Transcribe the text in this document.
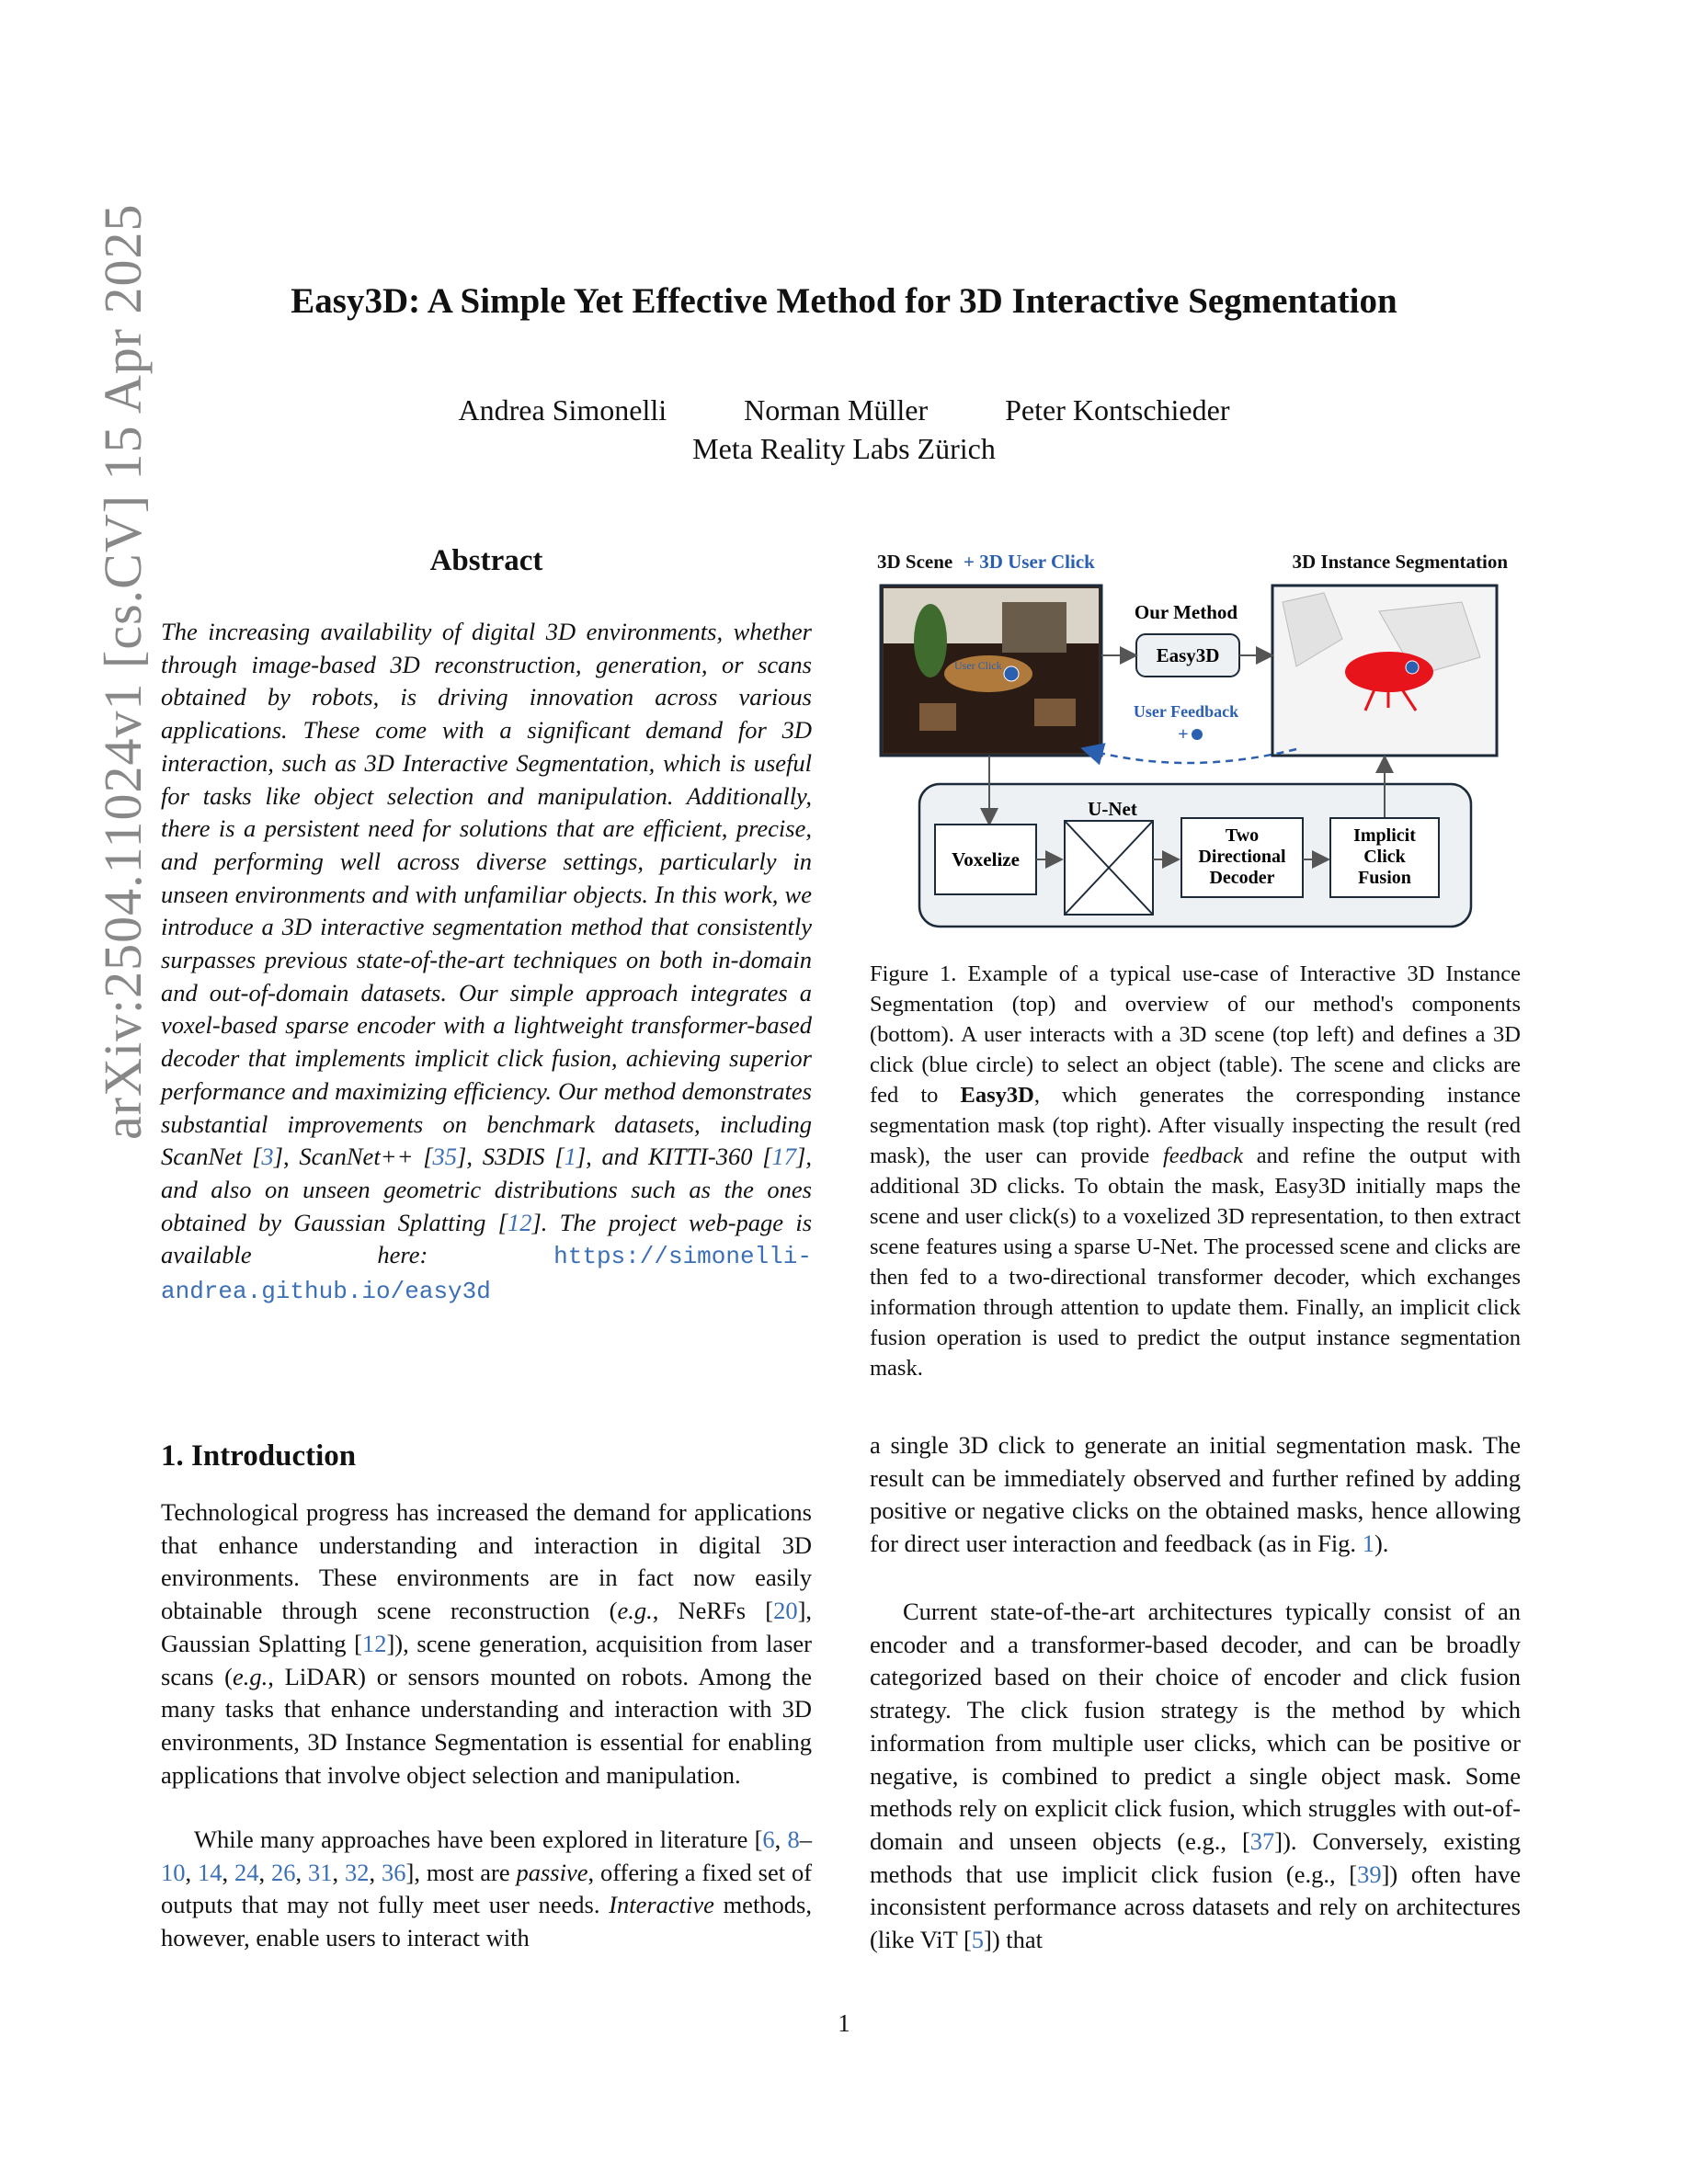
arXiv:2504.11024v1 [cs.CV] 15 Apr 2025	Easy3D: A Simple Yet Effective Method for 3D Interactive Segmentation
Andrea Simonelli	Norman Müller	Peter Kontschieder
Meta Reality Labs Zürich
Abstract

The increasing availability of digital 3D environments, whether through image-based 3D reconstruction, generation, or scans obtained by robots, is driving innovation across various applications. These come with a significant demand for 3D interaction, such as 3D Interactive Segmentation, which is useful for tasks like object selection and manipulation. Additionally, there is a persistent need for solutions that are efficient, precise, and performing well across diverse settings, particularly in unseen environments and with unfamiliar objects. In this work, we introduce a 3D interactive segmentation method that consistently surpasses previous state-of-the-art techniques on both in-domain and out-of-domain datasets. Our simple approach integrates a voxel-based sparse encoder with a lightweight transformer-based decoder that implements implicit click fusion, achieving superior performance and maximizing efficiency. Our method demonstrates substantial improvements on benchmark datasets, including ScanNet [3], ScanNet++ [35], S3DIS [1], and KITTI-360 [17], and also on unseen geometric distributions such as the ones obtained by Gaussian Splatting [12]. The project web-page is available here: https://simonelli-andrea.github.io/easy3d

3D Scene + 3D User Click	3D Instance Segmentation
User Click
Our Method
Easy3D
User Feedback
+
Voxelize
U-Net
Two
Directional
Decoder
Implicit
Click
Fusion

Figure 1. Example of a typical use-case of Interactive 3D Instance Segmentation (top) and overview of our method's components (bottom). A user interacts with a 3D scene (top left) and defines a 3D click (blue circle) to select an object (table). The scene and clicks are fed to Easy3D, which generates the corresponding instance segmentation mask (top right). After visually inspecting the result (red mask), the user can provide feedback and refine the output with additional 3D clicks. To obtain the mask, Easy3D initially maps the scene and user click(s) to a voxelized 3D representation, to then extract scene features using a sparse U-Net. The processed scene and clicks are then fed to a two-directional transformer decoder, which exchanges information through attention to update them. Finally, an implicit click fusion operation is used to predict the output instance segmentation mask.

1. Introduction

Technological progress has increased the demand for applications that enhance understanding and interaction in digital 3D environments. These environments are in fact now easily obtainable through scene reconstruction (e.g., NeRFs [20], Gaussian Splatting [12]), scene generation, acquisition from laser scans (e.g., LiDAR) or sensors mounted on robots. Among the many tasks that enhance understanding and interaction with 3D environments, 3D Instance Segmentation is essential for enabling applications that involve object selection and manipulation.

While many approaches have been explored in literature [6, 8–10, 14, 24, 26, 31, 32, 36], most are passive, offering a fixed set of outputs that may not fully meet user needs. Interactive methods, however, enable users to interact with

a single 3D click to generate an initial segmentation mask. The result can be immediately observed and further refined by adding positive or negative clicks on the obtained masks, hence allowing for direct user interaction and feedback (as in Fig. 1).

Current state-of-the-art architectures typically consist of an encoder and a transformer-based decoder, and can be broadly categorized based on their choice of encoder and click fusion strategy. The click fusion strategy is the method by which information from multiple user clicks, which can be positive or negative, is combined to predict a single object mask. Some methods rely on explicit click fusion, which struggles with out-of-domain and unseen objects (e.g., [37]). Conversely, existing methods that use implicit click fusion (e.g., [39]) often have inconsistent performance across datasets and rely on architectures (like ViT [5]) that

1
